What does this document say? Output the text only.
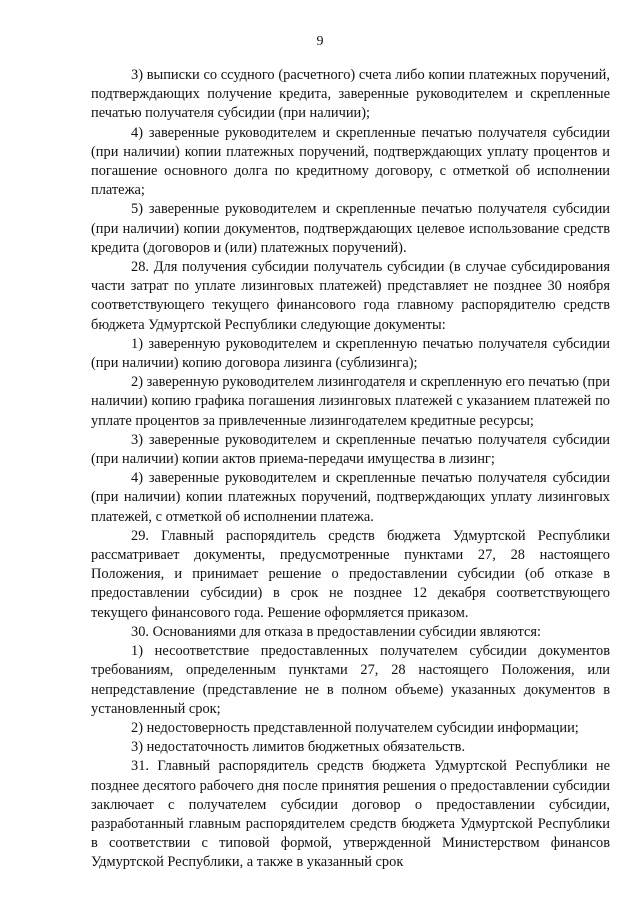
9

3) выписки со ссудного (расчетного) счета либо копии платежных поручений, подтверждающих получение кредита, заверенные руководителем и скрепленные печатью получателя субсидии (при наличии);

4) заверенные руководителем и скрепленные печатью получателя субсидии (при наличии) копии платежных поручений, подтверждающих уплату процентов и погашение основного долга по кредитному договору, с отметкой об исполнении платежа;

5) заверенные руководителем и скрепленные печатью получателя субсидии (при наличии) копии документов, подтверждающих целевое использование средств кредита (договоров и (или) платежных поручений).

28. Для получения субсидии получатель субсидии (в случае субсидирования части затрат по уплате лизинговых платежей) представляет не позднее 30 ноября соответствующего текущего финансового года главному распорядителю средств бюджета Удмуртской Республики следующие документы:

1) заверенную руководителем и скрепленную печатью получателя субсидии (при наличии) копию договора лизинга (сублизинга);

2) заверенную руководителем лизингодателя и скрепленную его печатью (при наличии) копию графика погашения лизинговых платежей с указанием платежей по уплате процентов за привлеченные лизингодателем кредитные ресурсы;

3) заверенные руководителем и скрепленные печатью получателя субсидии (при наличии) копии актов приема-передачи имущества в лизинг;

4) заверенные руководителем и скрепленные печатью получателя субсидии (при наличии) копии платежных поручений, подтверждающих уплату лизинговых платежей, с отметкой об исполнении платежа.

29. Главный распорядитель средств бюджета Удмуртской Республики рассматривает документы, предусмотренные пунктами 27, 28 настоящего Положения, и принимает решение о предоставлении субсидии (об отказе в предоставлении субсидии) в срок не позднее 12 декабря соответствующего текущего финансового года. Решение оформляется приказом.

30. Основаниями для отказа в предоставлении субсидии являются:

1) несоответствие предоставленных получателем субсидии документов требованиям, определенным пунктами 27, 28 настоящего Положения, или непредставление (представление не в полном объеме) указанных документов в установленный срок;

2) недостоверность представленной получателем субсидии информации;

3) недостаточность лимитов бюджетных обязательств.

31. Главный распорядитель средств бюджета Удмуртской Республики не позднее десятого рабочего дня после принятия решения о предоставлении субсидии заключает с получателем субсидии договор о предоставлении субсидии, разработанный главным распорядителем средств бюджета Удмуртской Республики в соответствии с типовой формой, утвержденной Министерством финансов Удмуртской Республики, а также в указанный срок
